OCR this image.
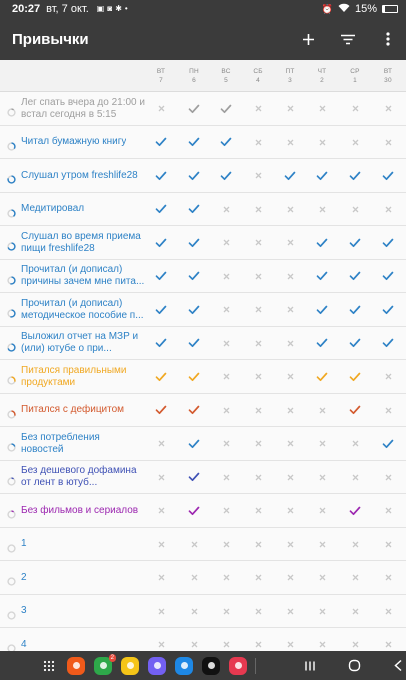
20:27 вт, 7 окт. ▣ ◙ ✱ •	⏰ 15%
Привычки
ВТ
7
ПН
6
ВС
5
СБ
4
ПТ
3
ЧТ
2
СР
1
ВТ
30
Лег спать вчера до 21:00 и встал сегодня в 5:15
Читал бумажную книгу
Слушал утром freshlife28
Медитировал
Слушал во время приема пищи freshlife28
Прочитал (и дописал) причины зачем мне пита...
Прочитал (и дописал) методическое пособие п...
Выложил отчет на МЗР и (или) ютубе о при...
Питался правильными продуктами
Питался с дефицитом
Без потребления новостей
Без дешевого дофамина от лент в ютуб...
Без фильмов и сериалов
1
2
3
4
2
